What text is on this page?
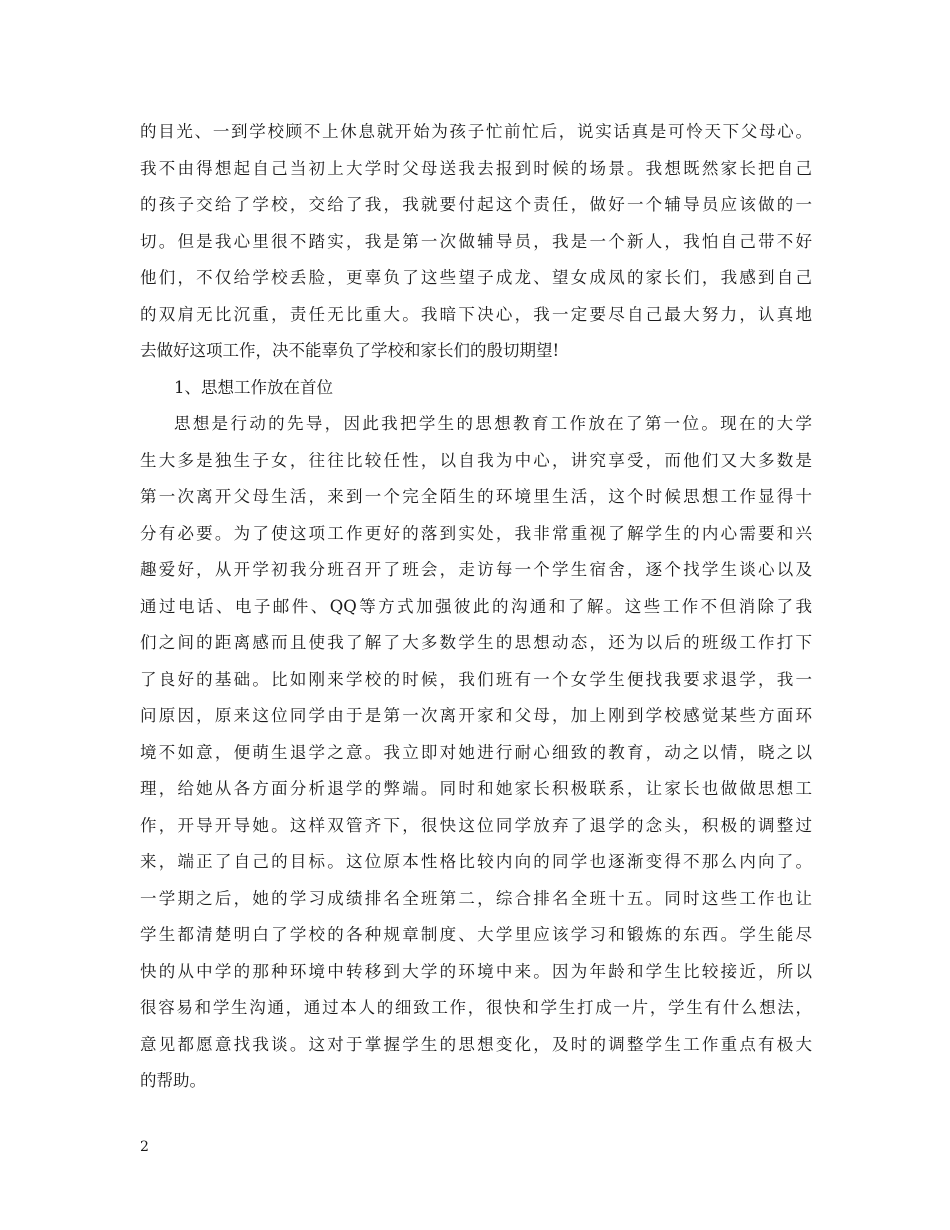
的目光、一到学校顾不上休息就开始为孩子忙前忙后，说实话真是可怜天下父母心。
我不由得想起自己当初上大学时父母送我去报到时候的场景。我想既然家长把自己
的孩子交给了学校，交给了我，我就要付起这个责任，做好一个辅导员应该做的一
切。但是我心里很不踏实，我是第一次做辅导员，我是一个新人，我怕自己带不好
他们，不仅给学校丢脸，更辜负了这些望子成龙、望女成凤的家长们，我感到自己
的双肩无比沉重，责任无比重大。我暗下决心，我一定要尽自己最大努力，认真地
去做好这项工作，决不能辜负了学校和家长们的殷切期望!
1、思想工作放在首位
思想是行动的先导，因此我把学生的思想教育工作放在了第一位。现在的大学
生大多是独生子女，往往比较任性，以自我为中心，讲究享受，而他们又大多数是
第一次离开父母生活，来到一个完全陌生的环境里生活，这个时候思想工作显得十
分有必要。为了使这项工作更好的落到实处，我非常重视了解学生的内心需要和兴
趣爱好，从开学初我分班召开了班会，走访每一个学生宿舍，逐个找学生谈心以及
通过电话、电子邮件、QQ等方式加强彼此的沟通和了解。这些工作不但消除了我
们之间的距离感而且使我了解了大多数学生的思想动态，还为以后的班级工作打下
了良好的基础。比如刚来学校的时候，我们班有一个女学生便找我要求退学，我一
问原因，原来这位同学由于是第一次离开家和父母，加上刚到学校感觉某些方面环
境不如意，便萌生退学之意。我立即对她进行耐心细致的教育，动之以情，晓之以
理，给她从各方面分析退学的弊端。同时和她家长积极联系，让家长也做做思想工
作，开导开导她。这样双管齐下，很快这位同学放弃了退学的念头，积极的调整过
来，端正了自己的目标。这位原本性格比较内向的同学也逐渐变得不那么内向了。
一学期之后，她的学习成绩排名全班第二，综合排名全班十五。同时这些工作也让
学生都清楚明白了学校的各种规章制度、大学里应该学习和锻炼的东西。学生能尽
快的从中学的那种环境中转移到大学的环境中来。因为年龄和学生比较接近，所以
很容易和学生沟通，通过本人的细致工作，很快和学生打成一片，学生有什么想法，
意见都愿意找我谈。这对于掌握学生的思想变化，及时的调整学生工作重点有极大
的帮助。
2
